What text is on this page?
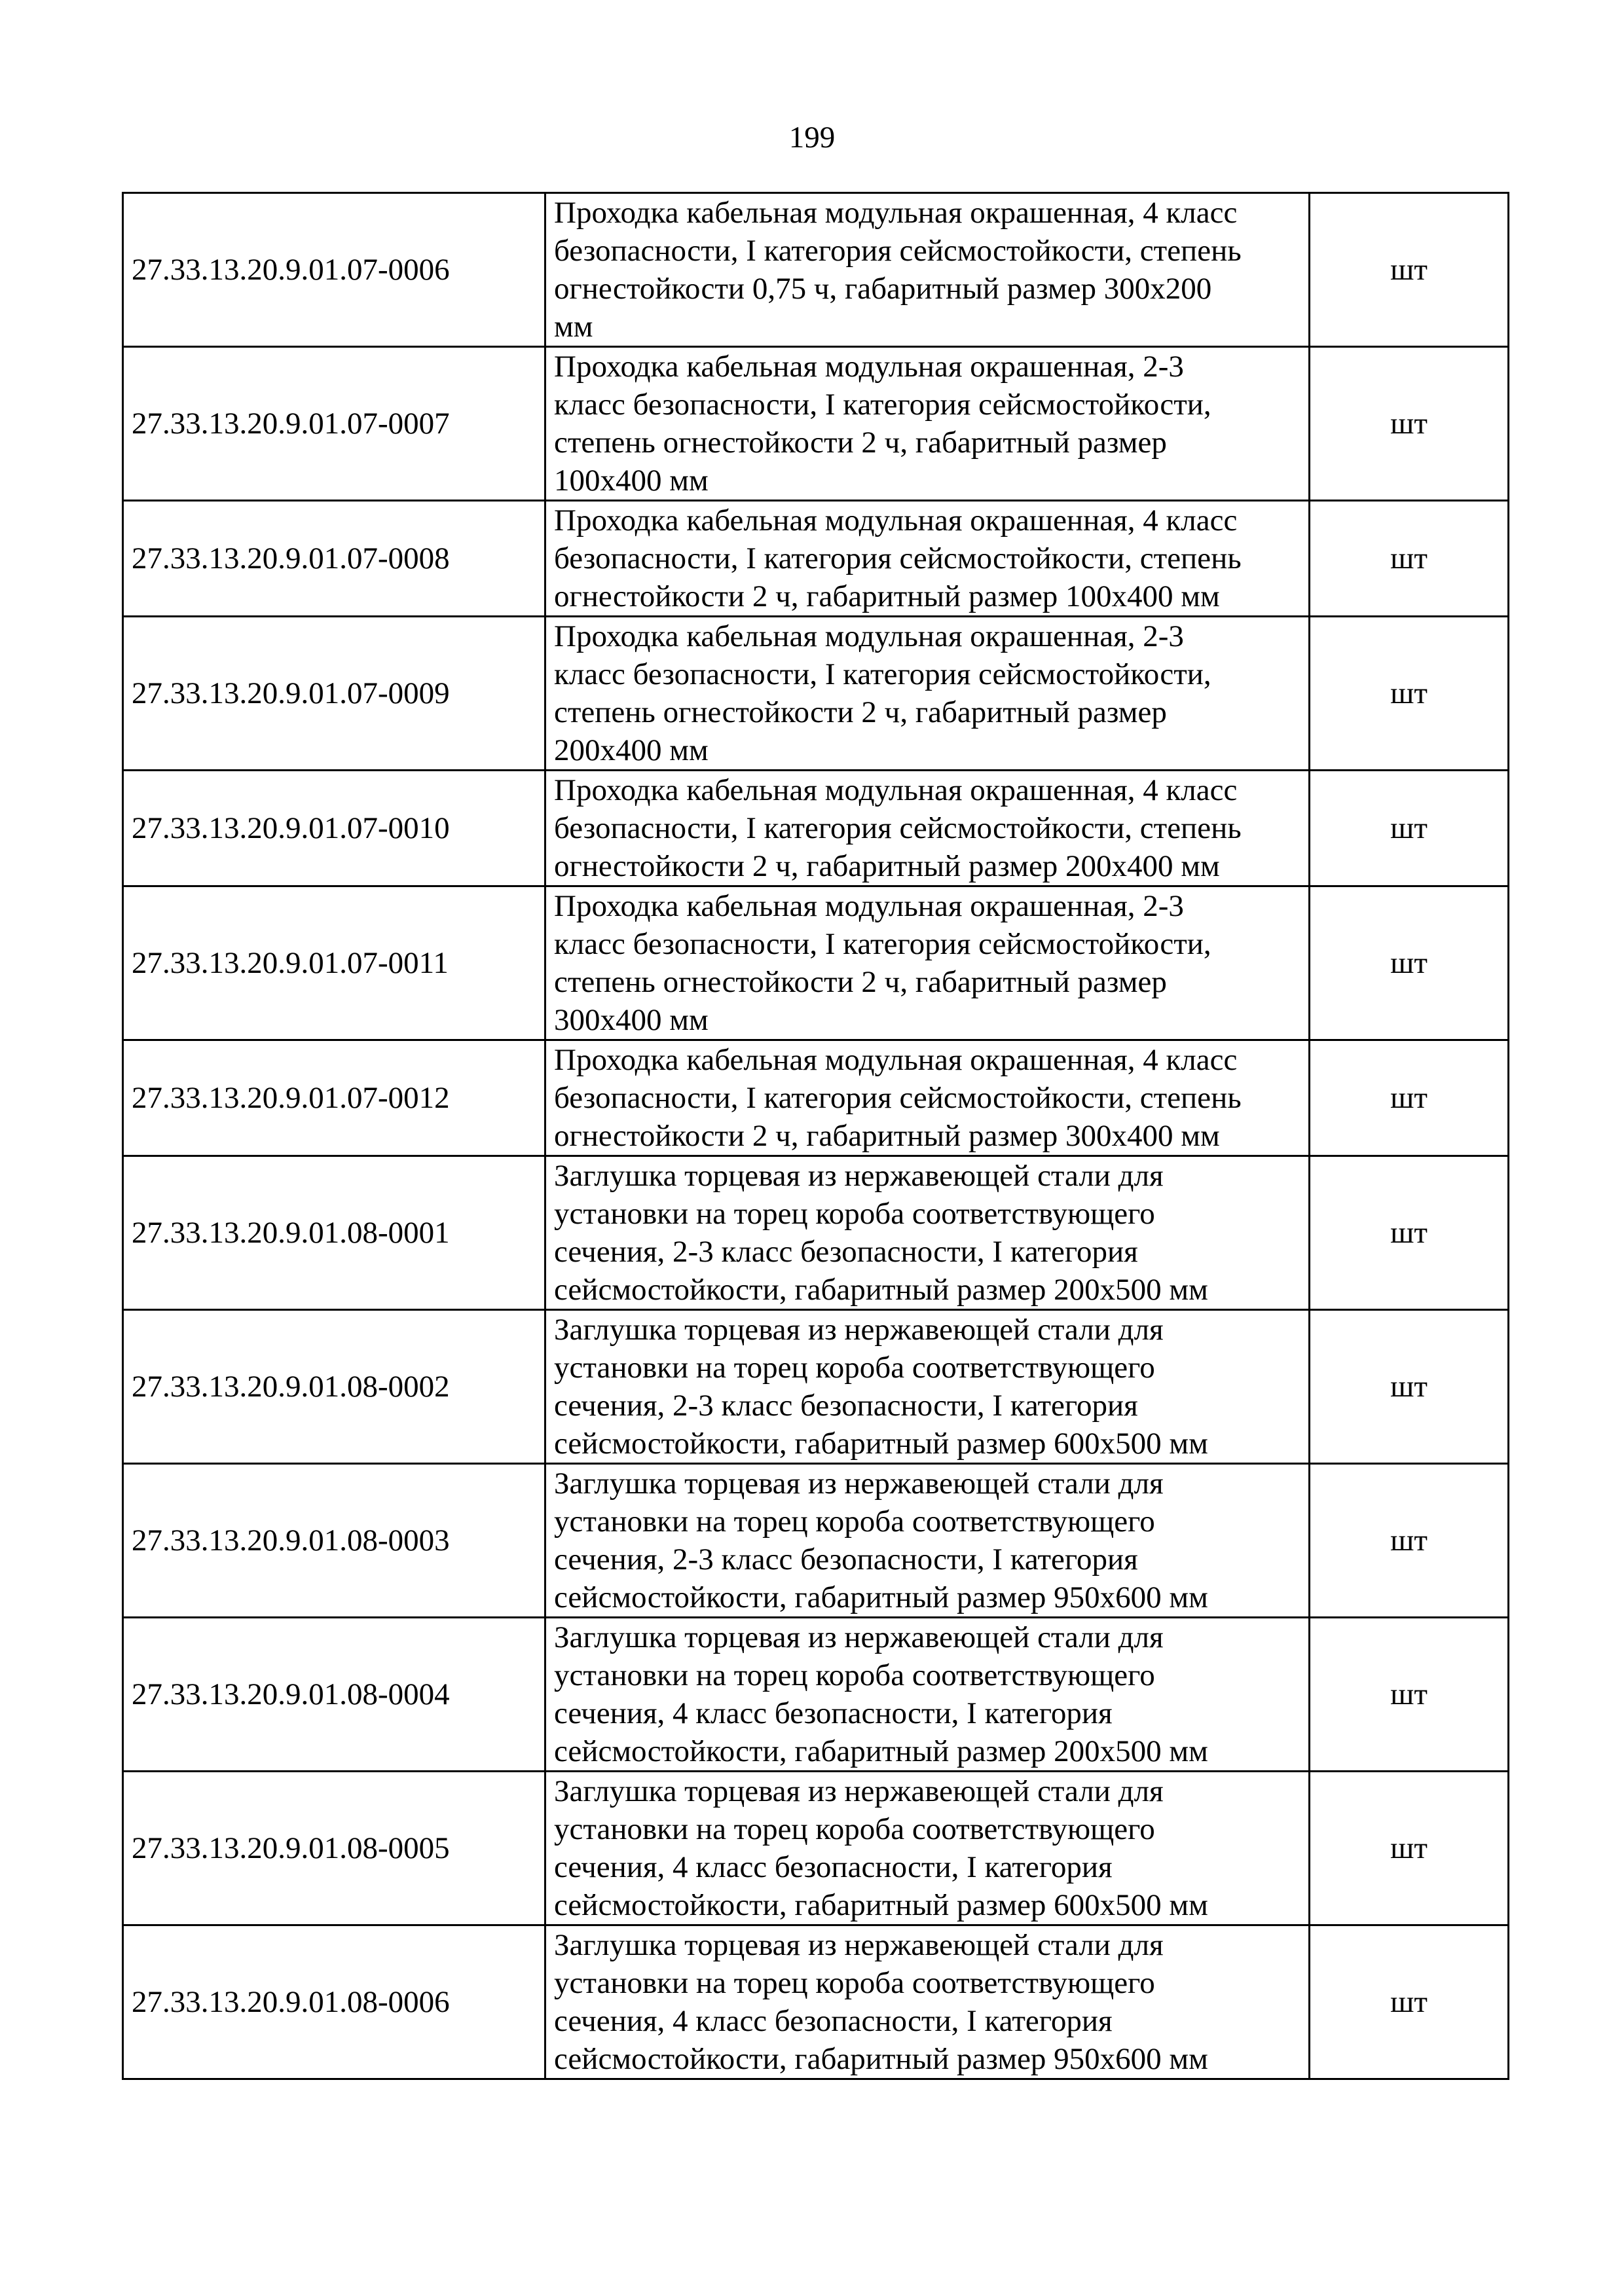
199
27.33.13.20.9.01.07-0006	Проходка кабельная модульная окрашенная, 4 класс
безопасности, I категория сейсмостойкости, степень
огнестойкости 0,75 ч, габаритный размер 300х200
мм	шт
27.33.13.20.9.01.07-0007	Проходка кабельная модульная окрашенная, 2-3
класс безопасности, I категория сейсмостойкости,
степень огнестойкости 2 ч, габаритный размер
100х400 мм	шт
27.33.13.20.9.01.07-0008	Проходка кабельная модульная окрашенная, 4 класс
безопасности, I категория сейсмостойкости, степень
огнестойкости 2 ч, габаритный размер 100х400 мм	шт
27.33.13.20.9.01.07-0009	Проходка кабельная модульная окрашенная, 2-3
класс безопасности, I категория сейсмостойкости,
степень огнестойкости 2 ч, габаритный размер
200х400 мм	шт
27.33.13.20.9.01.07-0010	Проходка кабельная модульная окрашенная, 4 класс
безопасности, I категория сейсмостойкости, степень
огнестойкости 2 ч, габаритный размер 200х400 мм	шт
27.33.13.20.9.01.07-0011	Проходка кабельная модульная окрашенная, 2-3
класс безопасности, I категория сейсмостойкости,
степень огнестойкости 2 ч, габаритный размер
300х400 мм	шт
27.33.13.20.9.01.07-0012	Проходка кабельная модульная окрашенная, 4 класс
безопасности, I категория сейсмостойкости, степень
огнестойкости 2 ч, габаритный размер 300х400 мм	шт
27.33.13.20.9.01.08-0001	Заглушка торцевая из нержавеющей стали для
установки на торец короба соответствующего
сечения, 2-3 класс безопасности, I категория
сейсмостойкости, габаритный размер 200х500 мм	шт
27.33.13.20.9.01.08-0002	Заглушка торцевая из нержавеющей стали для
установки на торец короба соответствующего
сечения, 2-3 класс безопасности, I категория
сейсмостойкости, габаритный размер 600х500 мм	шт
27.33.13.20.9.01.08-0003	Заглушка торцевая из нержавеющей стали для
установки на торец короба соответствующего
сечения, 2-3 класс безопасности, I категория
сейсмостойкости, габаритный размер 950х600 мм	шт
27.33.13.20.9.01.08-0004	Заглушка торцевая из нержавеющей стали для
установки на торец короба соответствующего
сечения, 4 класс безопасности, I категория
сейсмостойкости, габаритный размер 200х500 мм	шт
27.33.13.20.9.01.08-0005	Заглушка торцевая из нержавеющей стали для
установки на торец короба соответствующего
сечения, 4 класс безопасности, I категория
сейсмостойкости, габаритный размер 600х500 мм	шт
27.33.13.20.9.01.08-0006	Заглушка торцевая из нержавеющей стали для
установки на торец короба соответствующего
сечения, 4 класс безопасности, I категория
сейсмостойкости, габаритный размер 950х600 мм	шт
